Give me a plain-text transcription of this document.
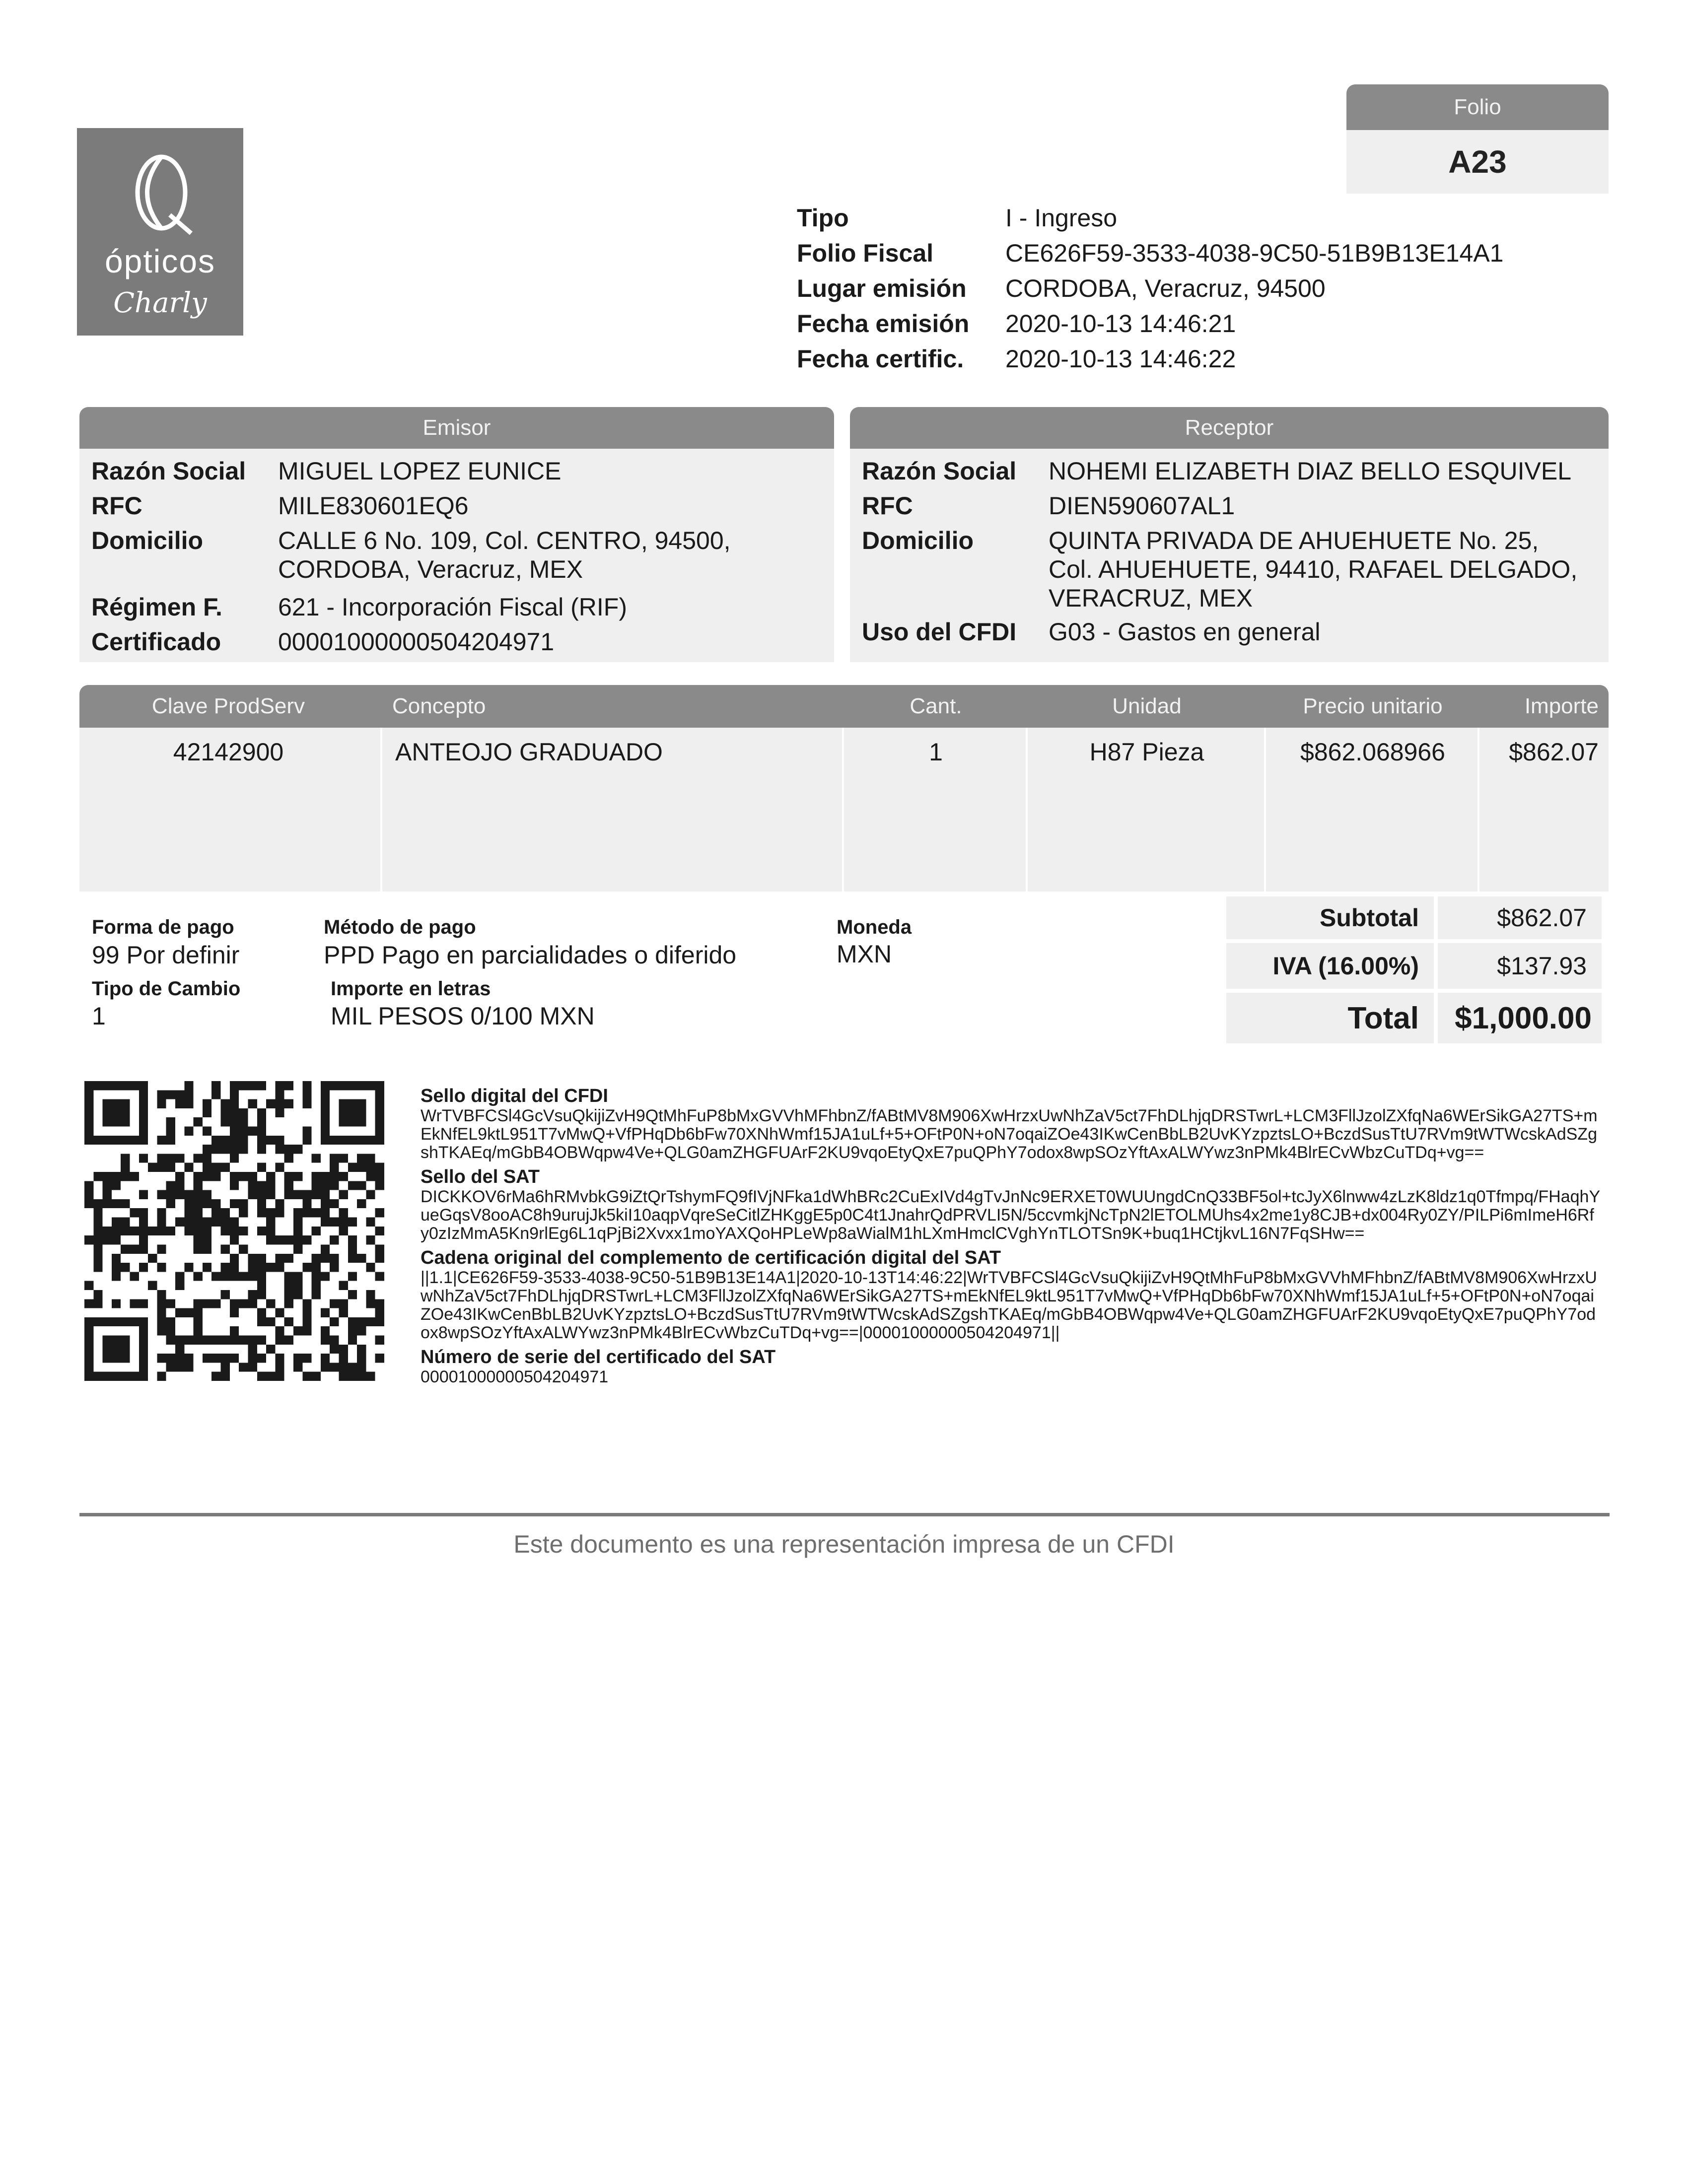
ópticos
Charly
Folio
A23
Tipo	I - Ingreso
Folio Fiscal	CE626F59-3533-4038-9C50-51B9B13E14A1
Lugar emisión CORDOBA, Veracruz, 94500
Fecha emisión 2020-10-13 14:46:21
Fecha certific. 2020-10-13 14:46:22
Emisor
Razón Social MIGUEL LOPEZ EUNICE
RFC	MILE830601EQ6
Domicilio	CALLE 6 No. 109, Col. CENTRO, 94500,
CORDOBA, Veracruz, MEX
Régimen F. 621 - Incorporación Fiscal (RIF)
Certificado 00001000000504204971
Receptor
Razón Social NOHEMI ELIZABETH DIAZ BELLO ESQUIVEL
RFC	DIEN590607AL1
Domicilio	QUINTA PRIVADA DE AHUEHUETE No. 25,
Col. AHUEHUETE, 94410, RAFAEL DELGADO,
VERACRUZ, MEX
Uso del CFDI G03 - Gastos en general
Clave ProdServ	Concepto	Cant.	Unidad	Precio unitario	Importe
42142900	ANTEOJO GRADUADO	1	H87 Pieza	$862.068966	$862.07
Forma de pago
99 Por definir
Método de pago
PPD Pago en parcialidades o diferido
Moneda
MXN
Tipo de Cambio
1
Importe en letras
MIL PESOS 0/100 MXN
Subtotal	$862.07
IVA (16.00%)	$137.93
Total	$1,000.00
Sello digital del CFDI
WrTVBFCSl4GcVsuQkijiZvH9QtMhFuP8bMxGVVhMFhbnZ/fABtMV8M906XwHrzxUwNhZaV5ct7FhDLhjqDRSTwrL+LCM3FllJzolZXfqNa6WErSikGA27TS+mEkNfEL9ktL951T7vMwQ+VfPHqDb6bFw70XNhWmf15JA1uLf+5+OFtP0N+oN7oqaiZOe43IKwCenBbLB2UvKYzpztsLO+BczdSusTtU7RVm9tWTWcskAdSZgshTKAEq/mGbB4OBWqpw4Ve+QLG0amZHGFUArF2KU9vqoEtyQxE7puQPhY7odox8wpSOzYftAxALWYwz3nPMk4BlrECvWbzCuTDq+vg==
Sello del SAT
DICKKOV6rMa6hRMvbkG9iZtQrTshymFQ9fIVjNFka1dWhBRc2CuExIVd4gTvJnNc9ERXET0WUUngdCnQ33BF5ol+tcJyX6lnww4zLzK8ldz1q0Tfmpq/FHaqhYueGqsV8ooAC8h9urujJk5kiI10aqpVqreSeCitlZHKggE5p0C4t1JnahrQdPRVLI5N/5ccvmkjNcTpN2lETOLMUhs4x2me1y8CJB+dx004Ry0ZY/PILPi6mImeH6Rfy0zIzMmA5Kn9rlEg6L1qPjBi2Xvxx1moYAXQoHPLeWp8aWialM1hLXmHmclCVghYnTLOTSn9K+buq1HCtjkvL16N7FqSHw==
Cadena original del complemento de certificación digital del SAT
||1.1|CE626F59-3533-4038-9C50-51B9B13E14A1|2020-10-13T14:46:22|WrTVBFCSl4GcVsuQkijiZvH9QtMhFuP8bMxGVVhMFhbnZ/fABtMV8M906XwHrzxUwNhZaV5ct7FhDLhjqDRSTwrL+LCM3FllJzolZXfqNa6WErSikGA27TS+mEkNfEL9ktL951T7vMwQ+VfPHqDb6bFw70XNhWmf15JA1uLf+5+OFtP0N+oN7oqaiZOe43IKwCenBbLB2UvKYzpztsLO+BczdSusTtU7RVm9tWTWcskAdSZgshTKAEq/mGbB4OBWqpw4Ve+QLG0amZHGFUArF2KU9vqoEtyQxE7puQPhY7odox8wpSOzYftAxALWYwz3nPMk4BlrECvWbzCuTDq+vg==|00001000000504204971||
Número de serie del certificado del SAT
00001000000504204971
Este documento es una representación impresa de un CFDI
